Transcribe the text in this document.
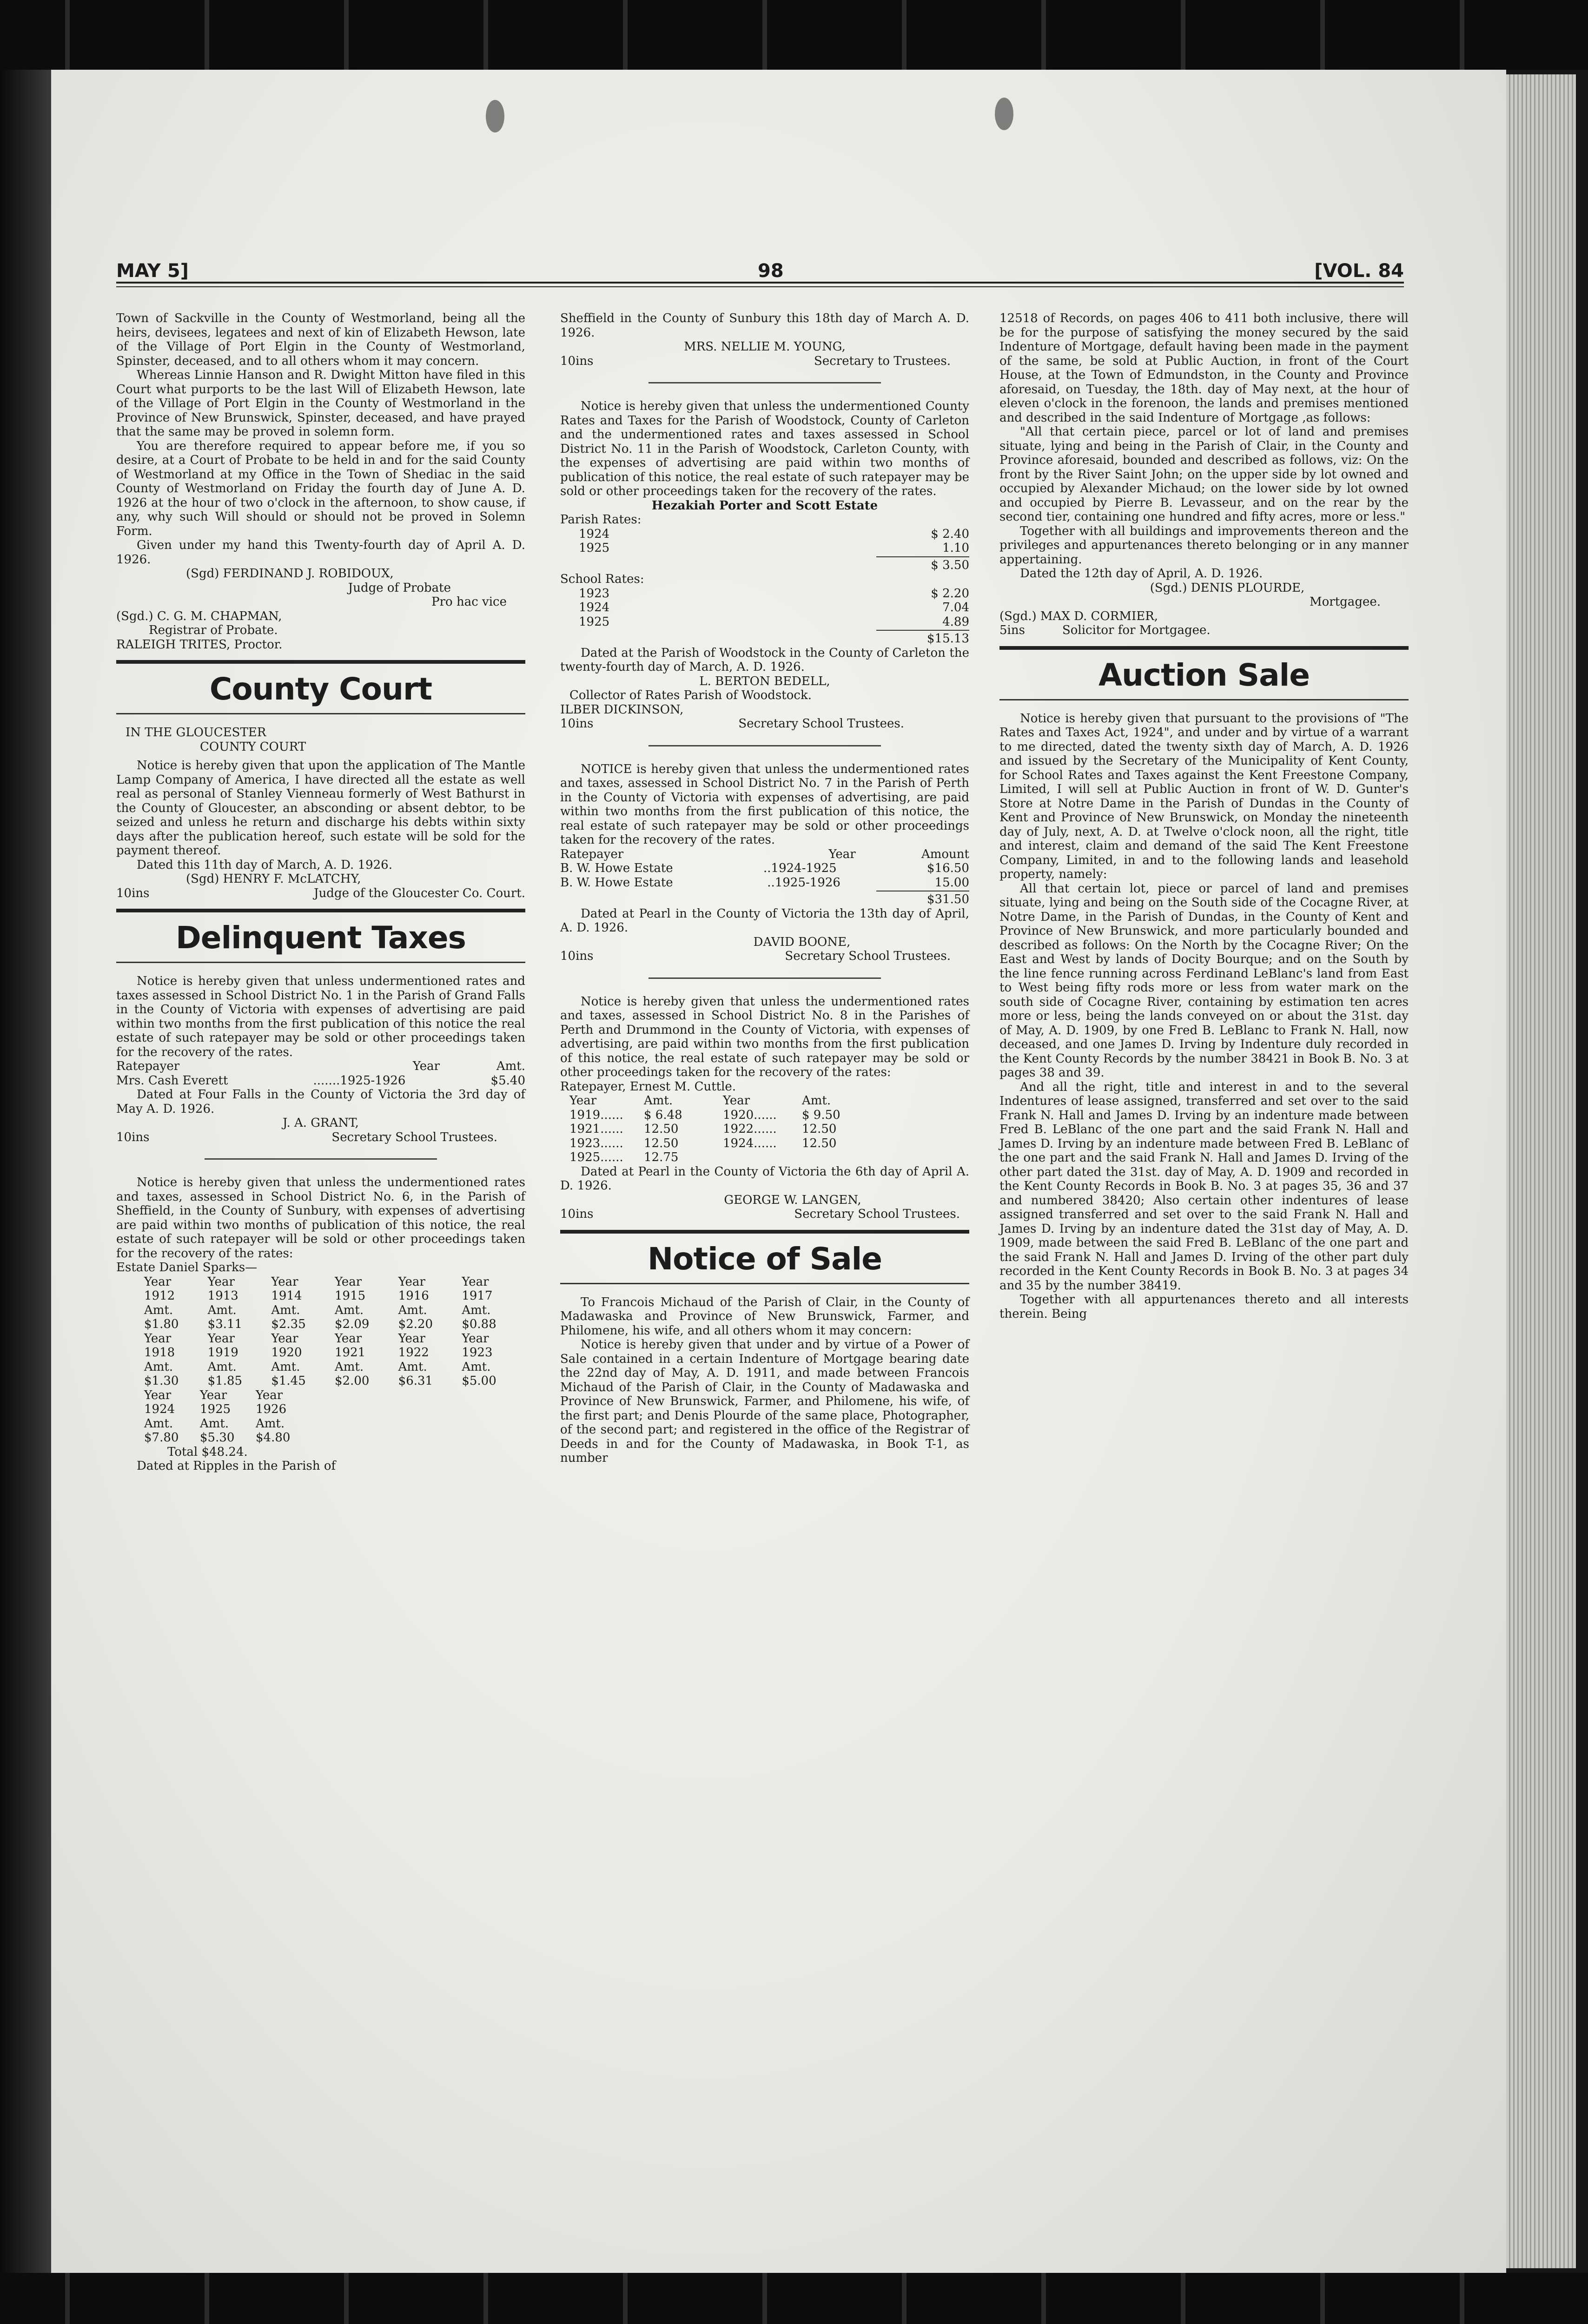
MAY 5]	98	[VOL. 84

Town of Sackville in the County of Westmorland, being all the heirs, devisees, legatees and next of kin of Elizabeth Hewson, late of the Village of Port Elgin in the County of Westmorland, Spinster, deceased, and to all others whom it may concern.

Whereas Linnie Hanson and R. Dwight Mitton have filed in this Court what purports to be the last Will of Elizabeth Hewson, late of the Village of Port Elgin in the County of Westmorland in the Province of New Brunswick, Spinster, deceased, and have prayed that the same may be proved in solemn form.

You are therefore required to appear before me, if you so desire, at a Court of Probate to be held in and for the said County of Westmorland at my Office in the Town of Shediac in the said County of Westmorland on Friday the fourth day of June A. D. 1926 at the hour of two o'clock in the afternoon, to show cause, if any, why such Will should or should not be proved in Solemn Form.

Given under my hand this Twenty-fourth day of April A. D. 1926.

(Sgd) FERDINAND J. ROBIDOUX,

Judge of Probate

Pro hac vice

(Sgd.) C. G. M. CHAPMAN,

Registrar of Probate.

RALEIGH TRITES, Proctor.

County Court

IN THE GLOUCESTER

COUNTY COURT

Notice is hereby given that upon the application of The Mantle Lamp Company of America, I have directed all the estate as well real as personal of Stanley Vienneau formerly of West Bathurst in the County of Gloucester, an absconding or absent debtor, to be seized and unless he return and discharge his debts within sixty days after the publication hereof, such estate will be sold for the payment thereof.

Dated this 11th day of March, A. D. 1926.

(Sgd) HENRY F. McLATCHY,

10ins	Judge of the Gloucester Co. Court.
Delinquent Taxes

Notice is hereby given that unless undermentioned rates and taxes assessed in School District No. 1 in the Parish of Grand Falls in the County of Victoria with expenses of advertising are paid within two months from the first publication of this notice the real estate of such ratepayer may be sold or other proceedings taken for the recovery of the rates.

Ratepayer	Year	Amt.
Mrs. Cash Everett	.......1925-1926	$5.40

Dated at Four Falls in the County of Victoria the 3rd day of May A. D. 1926.

J. A. GRANT,

10ins	Secretary School Trustees.

Notice is hereby given that unless the undermentioned rates and taxes, assessed in School District No. 6, in the Parish of Sheffield, in the County of Sunbury, with expenses of advertising are paid within two months of publication of this notice, the real estate of such ratepayer will be sold or other proceedings taken for the recovery of the rates:

Estate Daniel Sparks—

Year	Year	Year	Year	Year	Year
1912	1913	1914	1915	1916	1917
Amt.	Amt.	Amt.	Amt.	Amt.	Amt.
$1.80	$3.11	$2.35	$2.09	$2.20	$0.88
Year	Year	Year	Year	Year	Year
1918	1919	1920	1921	1922	1923
Amt.	Amt.	Amt.	Amt.	Amt.	Amt.
$1.30	$1.85	$1.45	$2.00	$6.31	$5.00
Year	Year	Year
1924	1925	1926
Amt.	Amt.	Amt.
$7.80	$5.30	$4.80

Total $48.24.

Dated at Ripples in the Parish of

Sheffield in the County of Sunbury this 18th day of March A. D. 1926.

MRS. NELLIE M. YOUNG,

10ins	Secretary to Trustees.

Notice is hereby given that unless the undermentioned County Rates and Taxes for the Parish of Woodstock, County of Carleton and the undermentioned rates and taxes assessed in School District No. 11 in the Parish of Woodstock, Carleton County, with the expenses of advertising are paid within two months of publication of this notice, the real estate of such ratepayer may be sold or other proceedings taken for the recovery of the rates.

Hezakiah Porter and Scott Estate

Parish Rates:

1924	$ 2.40
1925	1.10

$ 3.50

School Rates:

1923	$ 2.20
1924	7.04
1925	4.89

$15.13

Dated at the Parish of Woodstock in the County of Carleton the twenty-fourth day of March, A. D. 1926.

L. BERTON BEDELL,

Collector of Rates Parish of Woodstock.

ILBER DICKINSON,

10ins	Secretary School Trustees.

NOTICE is hereby given that unless the undermentioned rates and taxes, assessed in School District No. 7 in the Parish of Perth in the County of Victoria with expenses of advertising, are paid within two months from the first publication of this notice, the real estate of such ratepayer may be sold or other proceedings taken for the recovery of the rates.

Ratepayer	Year	Amount
B. W. Howe Estate	..1924-1925	$16.50
B. W. Howe Estate	..1925-1926	15.00

$31.50

Dated at Pearl in the County of Victoria the 13th day of April, A. D. 1926.

DAVID BOONE,

10ins	Secretary School Trustees.

Notice is hereby given that unless the undermentioned rates and taxes, assessed in School District No. 8 in the Parishes of Perth and Drummond in the County of Victoria, with expenses of advertising, are paid within two months from the first publication of this notice, the real estate of such ratepayer may be sold or other proceedings taken for the recovery of the rates:

Ratepayer, Ernest M. Cuttle.

Year	Amt.	Year	Amt.
1919......	$ 6.48	1920......	$ 9.50
1921......	12.50	1922......	12.50
1923......	12.50	1924......	12.50
1925......	12.75

Dated at Pearl in the County of Victoria the 6th day of April A. D. 1926.

GEORGE W. LANGEN,

10ins	Secretary School Trustees.
Notice of Sale

To Francois Michaud of the Parish of Clair, in the County of Madawaska and Province of New Brunswick, Farmer, and Philomene, his wife, and all others whom it may concern:

Notice is hereby given that under and by virtue of a Power of Sale contained in a certain Indenture of Mortgage bearing date the 22nd day of May, A. D. 1911, and made between Francois Michaud of the Parish of Clair, in the County of Madawaska and Province of New Brunswick, Farmer, and Philomene, his wife, of the first part; and Denis Plourde of the same place, Photographer, of the second part; and registered in the office of the Registrar of Deeds in and for the County of Madawaska, in Book T-1, as number

12518 of Records, on pages 406 to 411 both inclusive, there will be for the purpose of satisfying the money secured by the said Indenture of Mortgage, default having been made in the payment of the same, be sold at Public Auction, in front of the Court House, at the Town of Edmundston, in the County and Province aforesaid, on Tuesday, the 18th. day of May next, at the hour of eleven o'clock in the forenoon, the lands and premises mentioned and described in the said Indenture of Mortgage ,as follows:

"All that certain piece, parcel or lot of land and premises situate, lying and being in the Parish of Clair, in the County and Province aforesaid, bounded and described as follows, viz: On the front by the River Saint John; on the upper side by lot owned and occupied by Alexander Michaud; on the lower side by lot owned and occupied by Pierre B. Levasseur, and on the rear by the second tier, containing one hundred and fifty acres, more or less."

Together with all buildings and improvements thereon and the privileges and appurtenances thereto belonging or in any manner appertaining.

Dated the 12th day of April, A. D. 1926.

(Sgd.) DENIS PLOURDE,

Mortgagee.

(Sgd.) MAX D. CORMIER,

5ins	Solicitor for Mortgagee.
Auction Sale

Notice is hereby given that pursuant to the provisions of "The Rates and Taxes Act, 1924", and under and by virtue of a warrant to me directed, dated the twenty sixth day of March, A. D. 1926 and issued by the Secretary of the Municipality of Kent County, for School Rates and Taxes against the Kent Freestone Company, Limited, I will sell at Public Auction in front of W. D. Gunter's Store at Notre Dame in the Parish of Dundas in the County of Kent and Province of New Brunswick, on Monday the nineteenth day of July, next, A. D. at Twelve o'clock noon, all the right, title and interest, claim and demand of the said The Kent Freestone Company, Limited, in and to the following lands and leasehold property, namely:

All that certain lot, piece or parcel of land and premises situate, lying and being on the South side of the Cocagne River, at Notre Dame, in the Parish of Dundas, in the County of Kent and Province of New Brunswick, and more particularly bounded and described as follows: On the North by the Cocagne River; On the East and West by lands of Docity Bourque; and on the South by the line fence running across Ferdinand LeBlanc's land from East to West being fifty rods more or less from water mark on the south side of Cocagne River, containing by estimation ten acres more or less, being the lands conveyed on or about the 31st. day of May, A. D. 1909, by one Fred B. LeBlanc to Frank N. Hall, now deceased, and one James D. Irving by Indenture duly recorded in the Kent County Records by the number 38421 in Book B. No. 3 at pages 38 and 39.

And all the right, title and interest in and to the several Indentures of lease assigned, transferred and set over to the said Frank N. Hall and James D. Irving by an indenture made between Fred B. LeBlanc of the one part and the said Frank N. Hall and James D. Irving by an indenture made between Fred B. LeBlanc of the one part and the said Frank N. Hall and James D. Irving of the other part dated the 31st. day of May, A. D. 1909 and recorded in the Kent County Records in Book B. No. 3 at pages 35, 36 and 37 and numbered 38420; Also certain other indentures of lease assigned transferred and set over to the said Frank N. Hall and James D. Irving by an indenture dated the 31st day of May, A. D. 1909, made between the said Fred B. LeBlanc of the one part and the said Frank N. Hall and James D. Irving of the other part duly recorded in the Kent County Records in Book B. No. 3 at pages 34 and 35 by the number 38419.

Together with all appurtenances thereto and all interests therein. Being
